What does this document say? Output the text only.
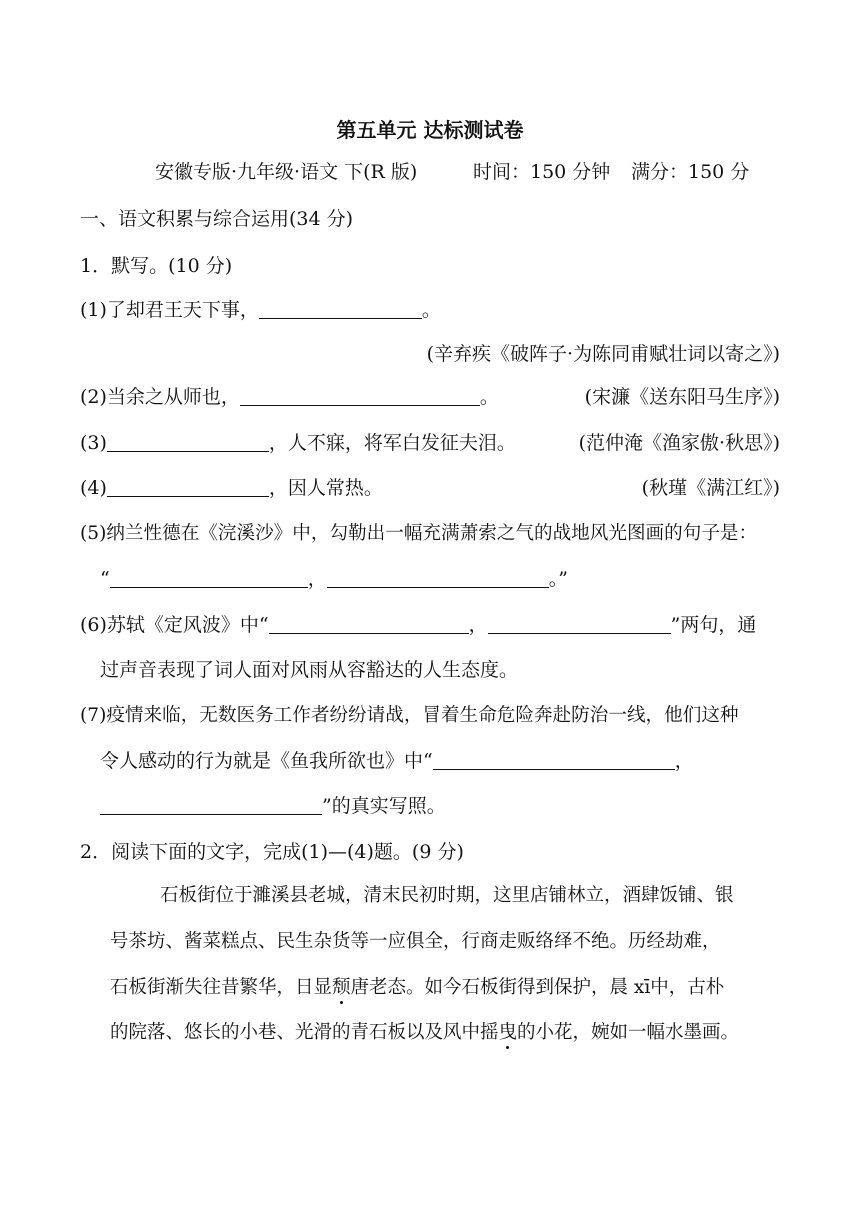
第五单元 达标测试卷
安徽专版·九年级·语文 下(R 版)	时间：150 分钟 满分：150 分
一、语文积累与综合运用(34 分)
1．默写。(10 分)
(1)了却君王天下事，	。
(辛弃疾《破阵子·为陈同甫赋壮词以寄之》)
(2)当余之从师也，	。	(宋濂《送东阳马生序》)
(3)	，人不寐，将军白发征夫泪。	(范仲淹《渔家傲·秋思》)
(4)	，因人常热。	(秋瑾《满江红》)
(5)纳兰性德在《浣溪沙》中，勾勒出一幅充满萧索之气的战地风光图画的句子是：
“	，	。”
(6)苏轼《定风波》中“	，	”两句，通
过声音表现了词人面对风雨从容豁达的人生态度。
(7)疫情来临，无数医务工作者纷纷请战，冒着生命危险奔赴防治一线，他们这种
令人感动的行为就是《鱼我所欲也》中“	，
”的真实写照。
2．阅读下面的文字，完成(1)—(4)题。(9 分)
石板街位于濉溪县老城，清末民初时期，这里店铺林立，酒肆饭铺、银
号茶坊、酱菜糕点、民生杂货等一应俱全，行商走贩络绎不绝。历经劫难，
石板街渐失往昔繁华，日显颓唐老态。如今石板街得到保护，晨 xī中，古朴
的院落、悠长的小巷、光滑的青石板以及风中摇曳的小花，婉如一幅水墨画。
